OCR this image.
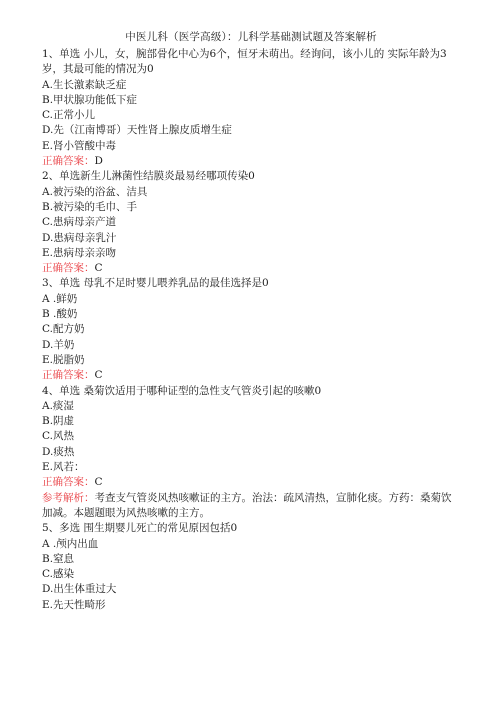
中医儿科（医学高级）：儿科学基础测试题及答案解析
1、单选 小儿，女，腕部骨化中心为6个，恒牙未萌出。经询问，该小儿的 实际年龄为3岁，其最可能的情况为0
A.生长激素缺乏症
B.甲状腺功能低下症
C.正常小儿
D.先（江南博哥）天性肾上腺皮质增生症
E.肾小管酸中毒
正确答案：D
2、单选新生儿淋菌性结膜炎最易经哪项传染0
A.被污染的浴盆、洁具
B.被污染的毛巾、手
C.患病母亲产道
D.患病母亲乳汁
E.患病母亲亲吻
正确答案：C
3、单选 母乳不足时婴儿喂养乳品的最佳选择是0
A .鲜奶
B .酸奶
C.配方奶
D.羊奶
E.脱脂奶
正确答案：C
4、单选 桑菊饮适用于哪种证型的急性支气管炎引起的咳嗽0
A.痰湿
B.阴虚
C.风热
D.痰热
E.风若：
正确答案：C
参考解析：考查支气管炎风热咳嗽证的主方。治法：疏风清热，宣肺化痰。方药：桑菊饮加减。本题题眼为风热咳嗽的主方。
5、多选 围生期婴儿死亡的常见原因包括0
A .颅内出血
B.窒息
C.感染
D.出生体重过大
E.先天性畸形
